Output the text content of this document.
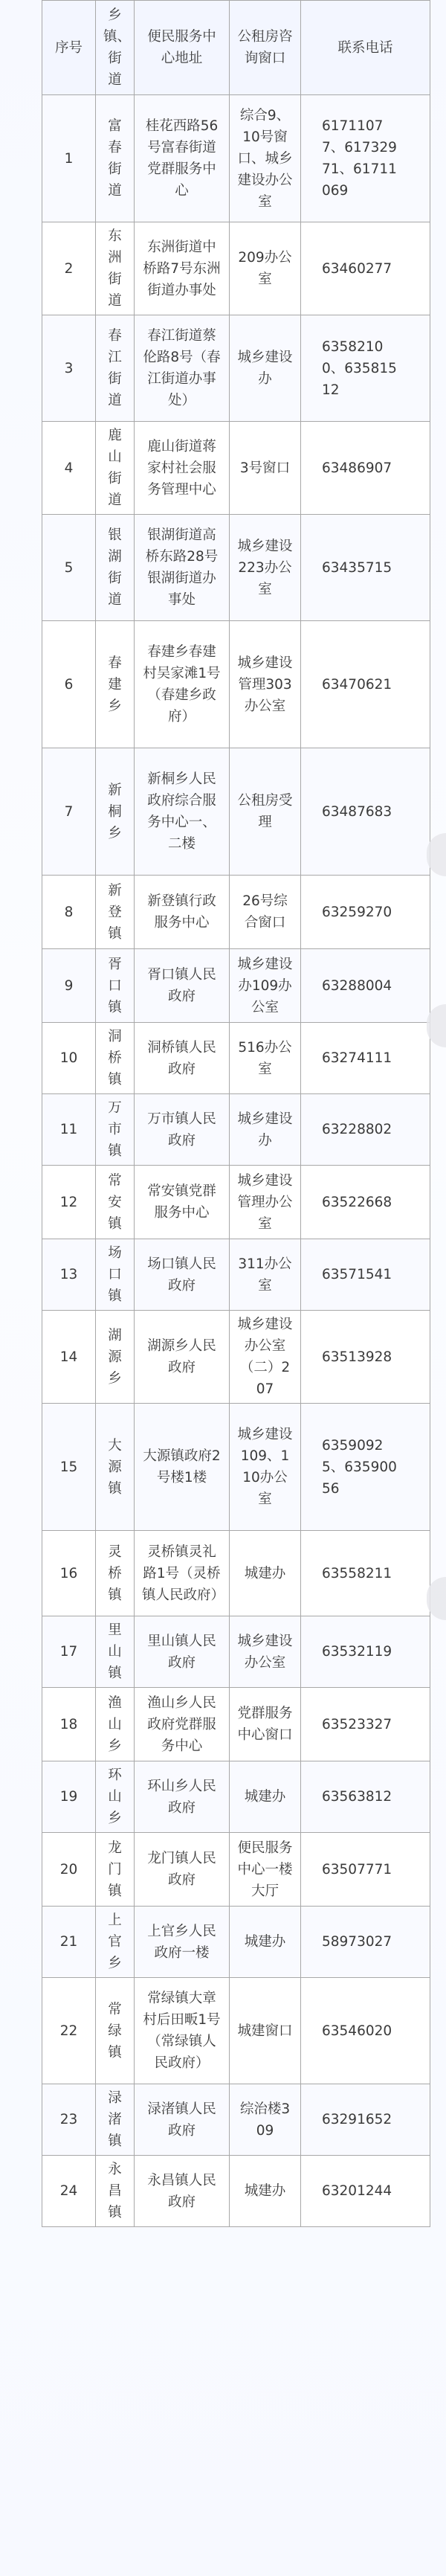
序号	乡镇、街道	便民服务中心地址	公租房咨询窗口	联系电话
1	富春街道	桂花西路56号富春街道党群服务中心	综合9、10号窗口、城乡建设办公室	61711077、61732971、61711069
2	东洲街道	东洲街道中桥路7号东洲街道办事处	209办公室	63460277
3	春江街道	春江街道蔡伦路8号（春江街道办事处）	城乡建设办	63582100、63581512
4	鹿山街道	鹿山街道蒋家村社会服务管理中心	3号窗口	63486907
5	银湖街道	银湖街道高桥东路28号银湖街道办事处	城乡建设223办公室	63435715
6	春建乡	春建乡春建村吴家滩1号（春建乡政府）	城乡建设管理303办公室	63470621
7	新桐乡	新桐乡人民政府综合服务中心一、二楼	公租房受理	63487683
8	新登镇	新登镇行政服务中心	26号综合窗口	63259270
9	胥口镇	胥口镇人民政府	城乡建设办109办公室	63288004
10	洞桥镇	洞桥镇人民政府	516办公室	63274111
11	万市镇	万市镇人民政府	城乡建设办	63228802
12	常安镇	常安镇党群服务中心	城乡建设管理办公室	63522668
13	场口镇	场口镇人民政府	311办公室	63571541
14	湖源乡	湖源乡人民政府	城乡建设办公室（二）207	63513928
15	大源镇	大源镇政府2号楼1楼	城乡建设109、110办公室	63590925、63590056
16	灵桥镇	灵桥镇灵礼路1号（灵桥镇人民政府）	城建办	63558211
17	里山镇	里山镇人民政府	城乡建设办公室	63532119
18	渔山乡	渔山乡人民政府党群服务中心	党群服务中心窗口	63523327
19	环山乡	环山乡人民政府	城建办	63563812
20	龙门镇	龙门镇人民政府	便民服务中心一楼大厅	63507771
21	上官乡	上官乡人民政府一楼	城建办	58973027
22	常绿镇	常绿镇大章村后田畈1号（常绿镇人民政府）	城建窗口	63546020
23	渌渚镇	渌渚镇人民政府	综治楼309	63291652
24	永昌镇	永昌镇人民政府	城建办	63201244
